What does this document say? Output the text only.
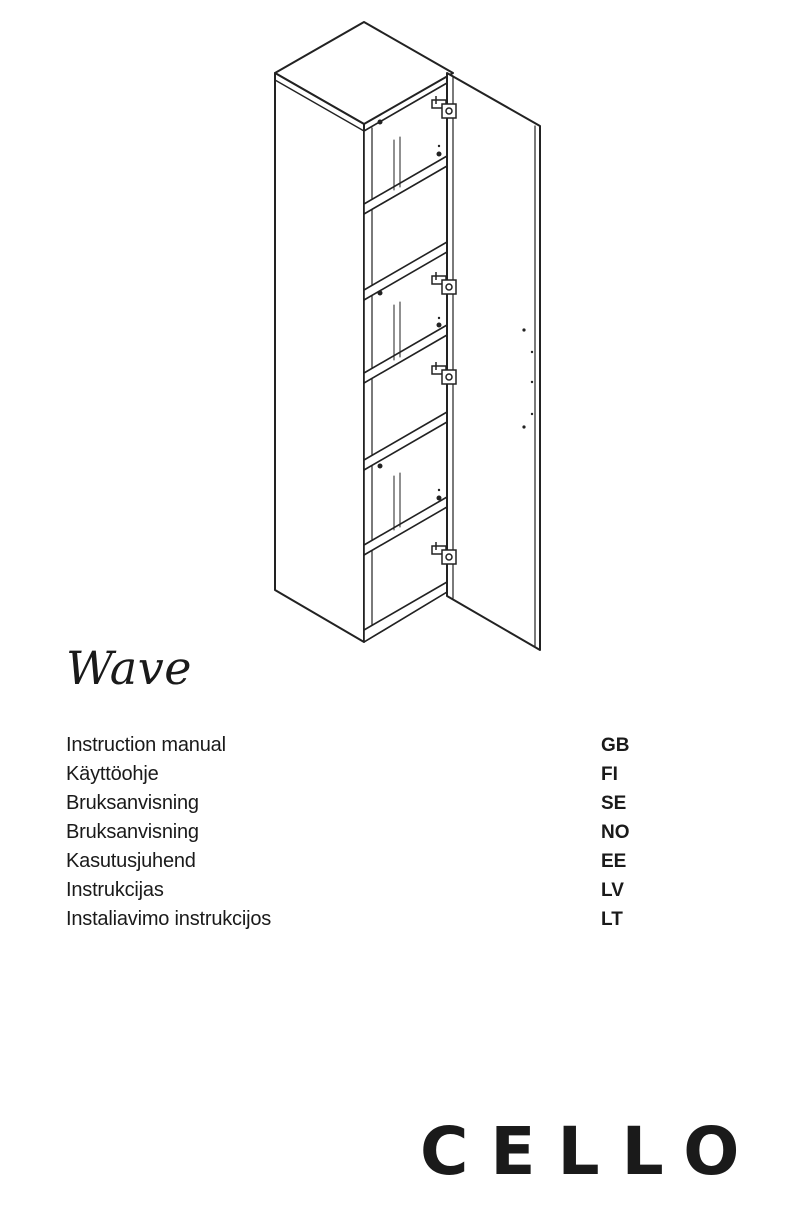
Wave
Instruction manual	GB
Käyttöohje	FI
Bruksanvisning	SE
Bruksanvisning	NO
Kasutusjuhend	EE
Instrukcijas	LV
Instaliavimo instrukcijos	LT
CELLO
